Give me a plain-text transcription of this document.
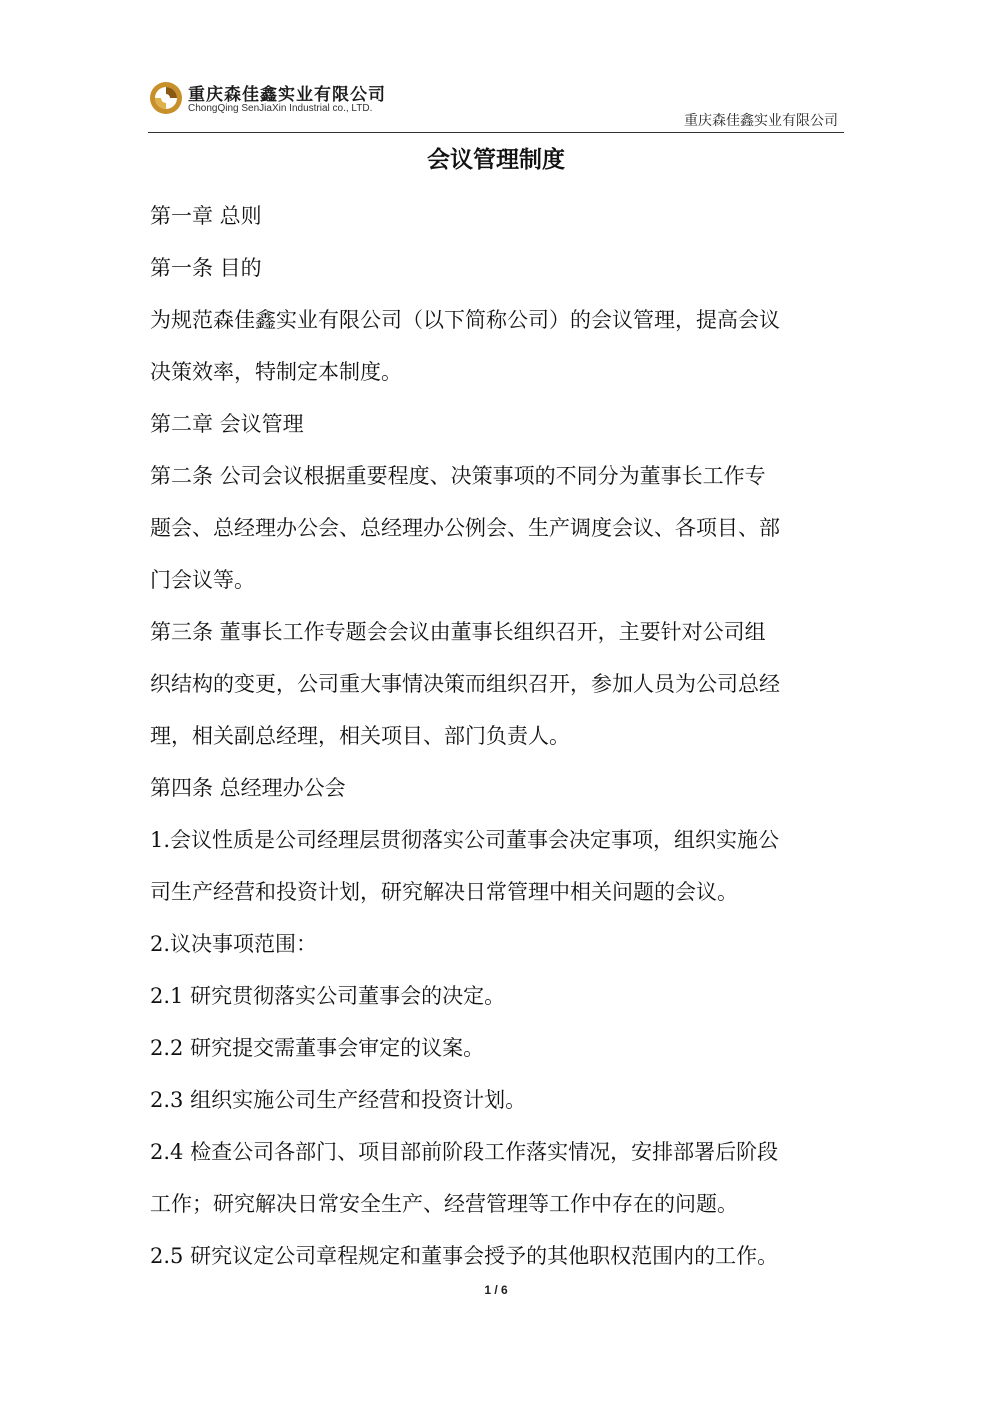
重庆森佳鑫实业有限公司
ChongQing SenJiaXin Industrial co., LTD.
重庆森佳鑫实业有限公司
会议管理制度
第一章 总则
第一条 目的
为规范森佳鑫实业有限公司（以下简称公司）的会议管理，提高会议
决策效率，特制定本制度。
第二章 会议管理
第二条 公司会议根据重要程度、决策事项的不同分为董事长工作专
题会、总经理办公会、总经理办公例会、生产调度会议、各项目、部
门会议等。
第三条 董事长工作专题会会议由董事长组织召开，主要针对公司组
织结构的变更，公司重大事情决策而组织召开，参加人员为公司总经
理，相关副总经理，相关项目、部门负责人。
第四条 总经理办公会
1.会议性质是公司经理层贯彻落实公司董事会决定事项，组织实施公
司生产经营和投资计划，研究解决日常管理中相关问题的会议。
2.议决事项范围：
2.1 研究贯彻落实公司董事会的决定。
2.2 研究提交需董事会审定的议案。
2.3 组织实施公司生产经营和投资计划。
2.4 检查公司各部门、项目部前阶段工作落实情况，安排部署后阶段
工作；研究解决日常安全生产、经营管理等工作中存在的问题。
2.5 研究议定公司章程规定和董事会授予的其他职权范围内的工作。
1 / 6
